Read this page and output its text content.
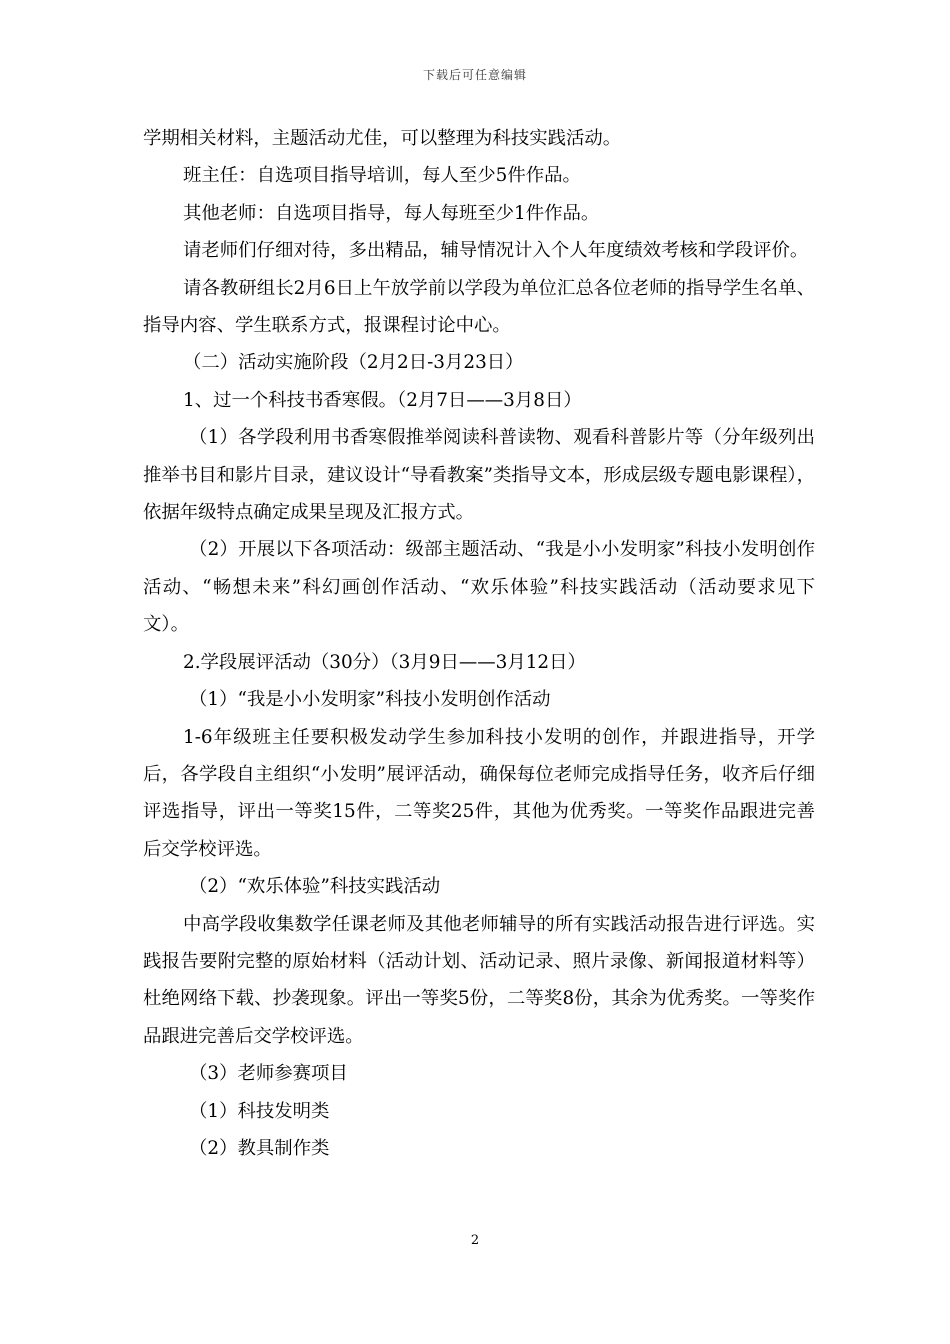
下载后可任意编辑

学期相关材料，主题活动尤佳，可以整理为科技实践活动。

班主任：自选项目指导培训，每人至少5件作品。

其他老师：自选项目指导，每人每班至少1件作品。

请老师们仔细对待，多出精品，辅导情况计入个人年度绩效考核和学段评价。

请各教研组长2月6日上午放学前以学段为单位汇总各位老师的指导学生名单、指导内容、学生联系方式，报课程讨论中心。

（二）活动实施阶段（2月2日-3月23日）

1、过一个科技书香寒假。（2月7日——3月8日）

（1）各学段利用书香寒假推举阅读科普读物、观看科普影片等（分年级列出推举书目和影片目录，建议设计“导看教案”类指导文本，形成层级专题电影课程），依据年级特点确定成果呈现及汇报方式。

（2）开展以下各项活动：级部主题活动、“我是小小发明家”科技小发明创作活动、“畅想未来”科幻画创作活动、“欢乐体验”科技实践活动（活动要求见下文）。

2.学段展评活动（30分）（3月9日——3月12日）

（1）“我是小小发明家”科技小发明创作活动

1-6年级班主任要积极发动学生参加科技小发明的创作，并跟进指导，开学后，各学段自主组织“小发明”展评活动，确保每位老师完成指导任务，收齐后仔细评选指导，评出一等奖15件，二等奖25件，其他为优秀奖。一等奖作品跟进完善后交学校评选。

（2）“欢乐体验”科技实践活动

中高学段收集数学任课老师及其他老师辅导的所有实践活动报告进行评选。实践报告要附完整的原始材料（活动计划、活动记录、照片录像、新闻报道材料等）杜绝网络下载、抄袭现象。评出一等奖5份，二等奖8份，其余为优秀奖。一等奖作品跟进完善后交学校评选。

（3）老师参赛项目

（1）科技发明类

（2）教具制作类

2
